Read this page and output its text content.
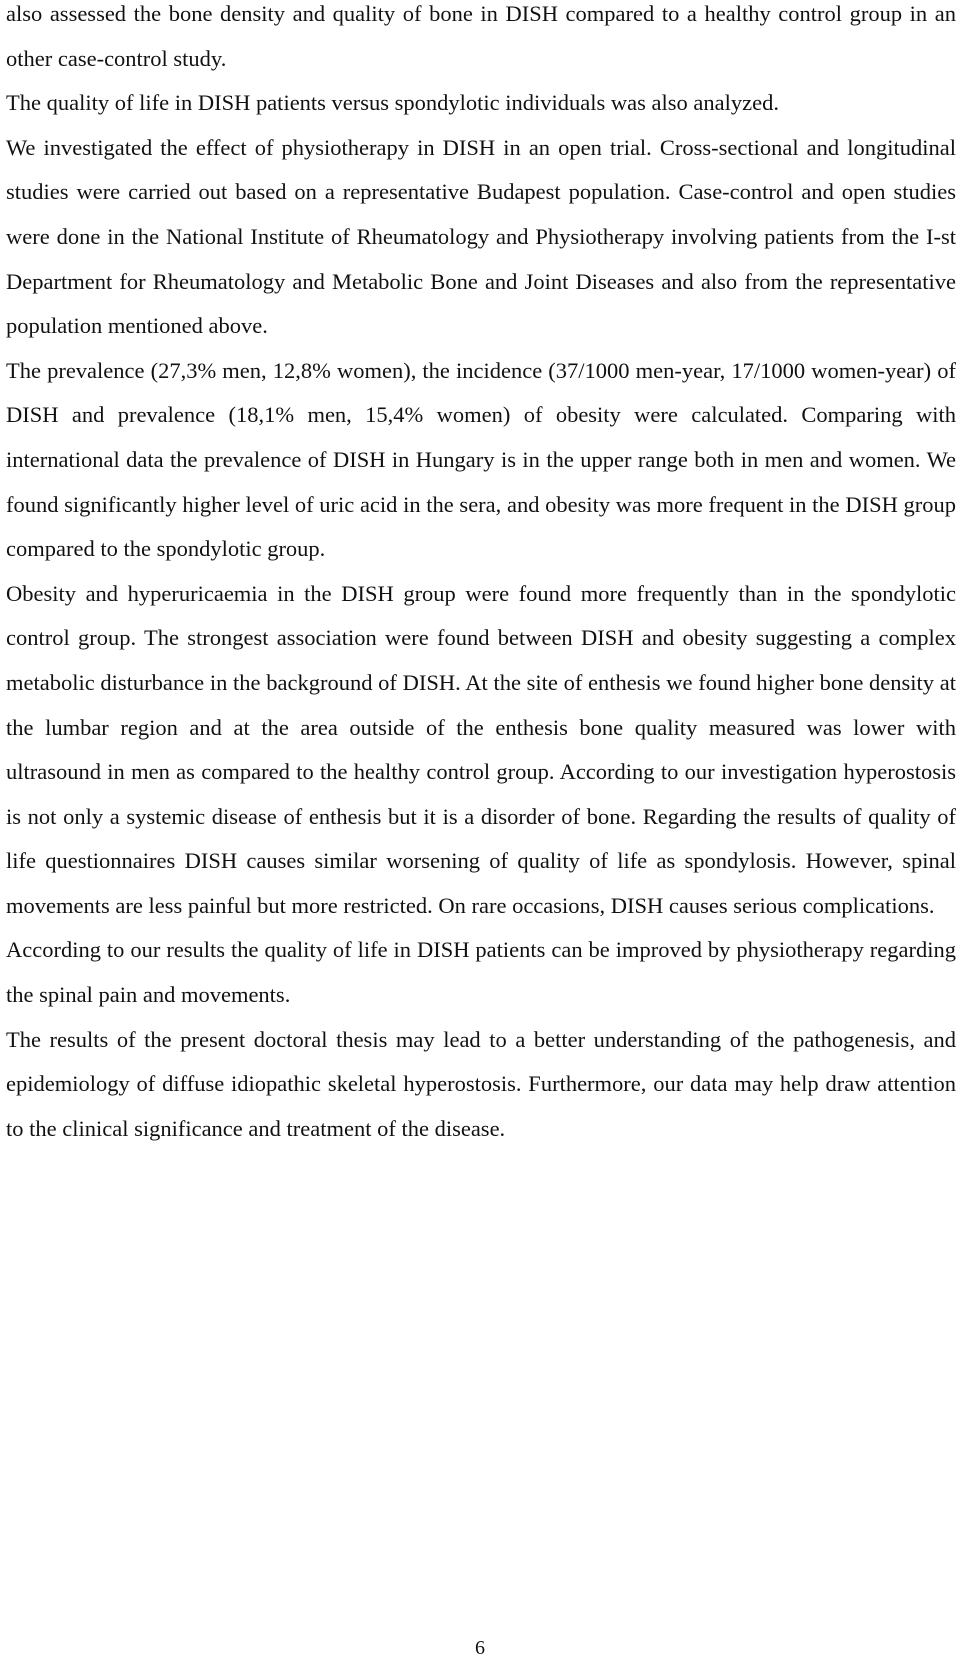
also assessed the bone density and quality of bone in DISH compared to a healthy control group in an other case-control study.

The quality of life in DISH patients versus spondylotic individuals was also analyzed.

We investigated the effect of physiotherapy in DISH in an open trial. Cross-sectional and longitudinal studies were carried out based on a representative Budapest population. Case-control and open studies were done in the National Institute of Rheumatology and Physiotherapy involving patients from the I-st Department for Rheumatology and Metabolic Bone and Joint Diseases and also from the representative population mentioned above.

The prevalence (27,3% men, 12,8% women), the incidence (37/1000 men-year, 17/1000 women-year) of DISH and prevalence (18,1% men, 15,4% women) of obesity were calculated. Comparing with international data the prevalence of DISH in Hungary is in the upper range both in men and women. We found significantly higher level of uric acid in the sera, and obesity was more frequent in the DISH group compared to the spondylotic group.

Obesity and hyperuricaemia in the DISH group were found more frequently than in the spondylotic control group. The strongest association were found between DISH and obesity suggesting a complex metabolic disturbance in the background of DISH. At the site of enthesis we found higher bone density at the lumbar region and at the area outside of the enthesis bone quality measured was lower with ultrasound in men as compared to the healthy control group. According to our investigation hyperostosis is not only a systemic disease of enthesis but it is a disorder of bone. Regarding the results of quality of life questionnaires DISH causes similar worsening of quality of life as spondylosis. However, spinal movements are less painful but more restricted. On rare occasions, DISH causes serious complications.

According to our results the quality of life in DISH patients can be improved by physiotherapy regarding the spinal pain and movements.

The results of the present doctoral thesis may lead to a better understanding of the pathogenesis, and epidemiology of diffuse idiopathic skeletal hyperostosis. Furthermore, our data may help draw attention to the clinical significance and treatment of the disease.

6
